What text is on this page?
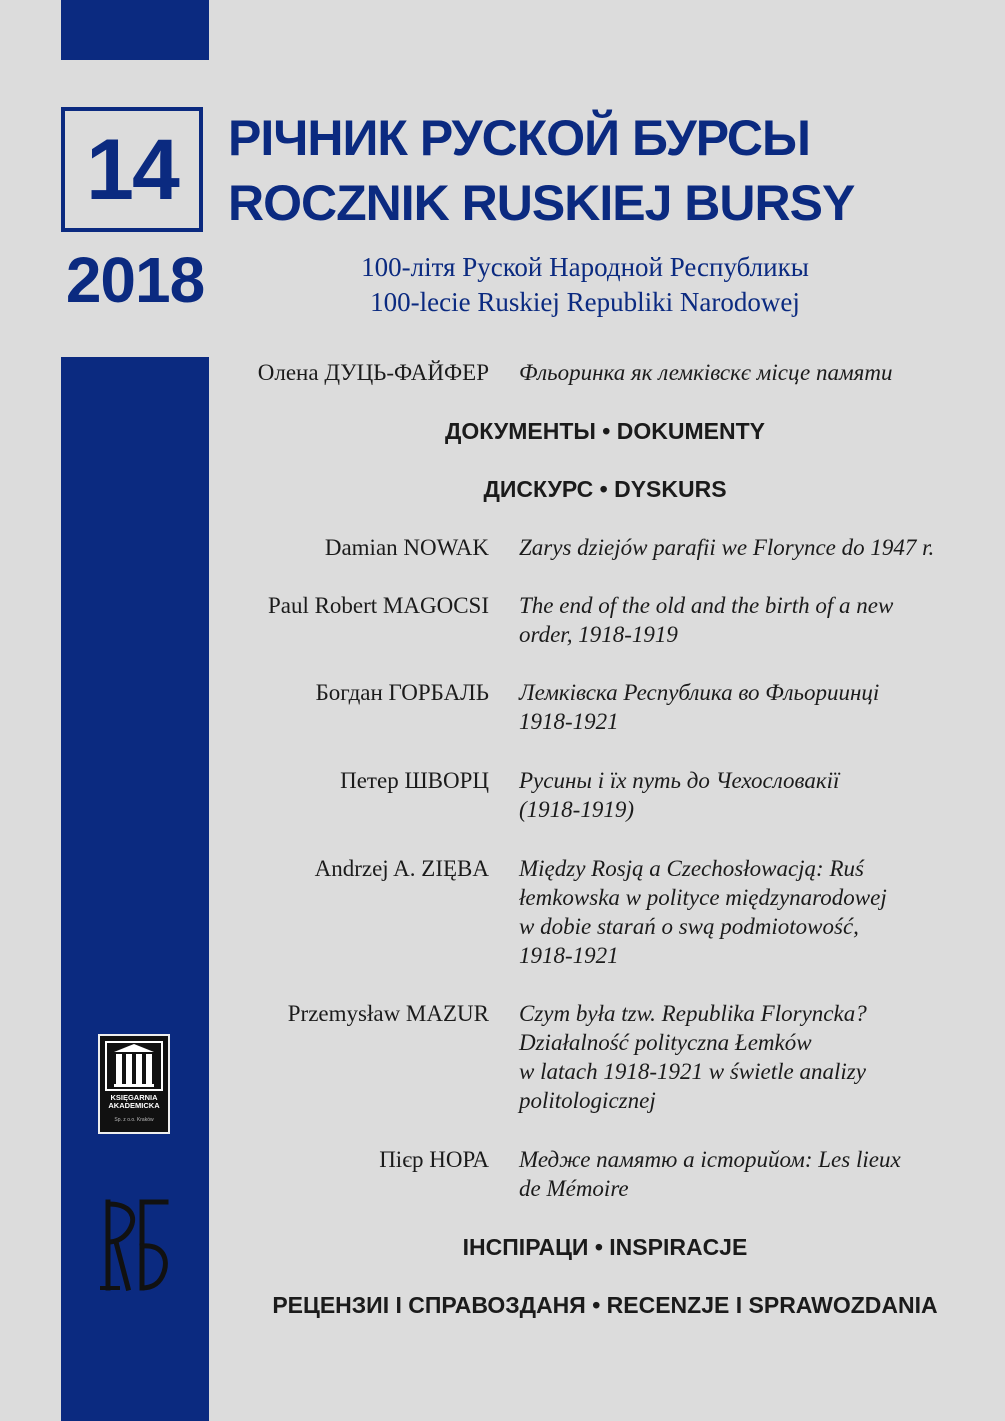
14
2018
РІЧНИК РУСКОЙ БУРСЫ
ROCZNIK RUSKIEJ BURSY
100-літя Руской Народной Республикы
100-lecie Ruskiej Republiki Narodowej
Олена ДУЦЬ-ФАЙФЕР Фльоринка як лемківскє місце памяти
ДОКУМЕНТЫ • DOKUMENTY
ДИСКУРС • DYSKURS
Damian NOWAK Zarys dziejów parafii we Florynce do 1947 r.
Paul Robert MAGOCSI The end of the old and the birth of a new
order, 1918-1919
Богдан ГОРБАЛЬ Лемківска Республика во Фльориинці
1918-1921
Петер ШВОРЦ Русины і їх путь до Чехословакії
(1918-1919)
Andrzej A. ZIĘBA Między Rosją a Czechosłowacją: Ruś
łemkowska w polityce międzynarodowej
w dobie starań o swą podmiotowość,
1918-1921
Przemysław MAZUR Czym była tzw. Republika Floryncka?
Działalność polityczna Łemków
w latach 1918-1921 w świetle analizy
politologicznej
Пієр НОРА Медже памятю а історийом: Les lieux
de Mémoire
ІНСПІРАЦИ • INSPIRACJE
РЕЦЕНЗИІ І СПРАВОЗДАНЯ • RECENZJE I SPRAWOZDANIA
KSIĘGARNIA
AKADEMICKA
Sp. z o.o. Kraków
